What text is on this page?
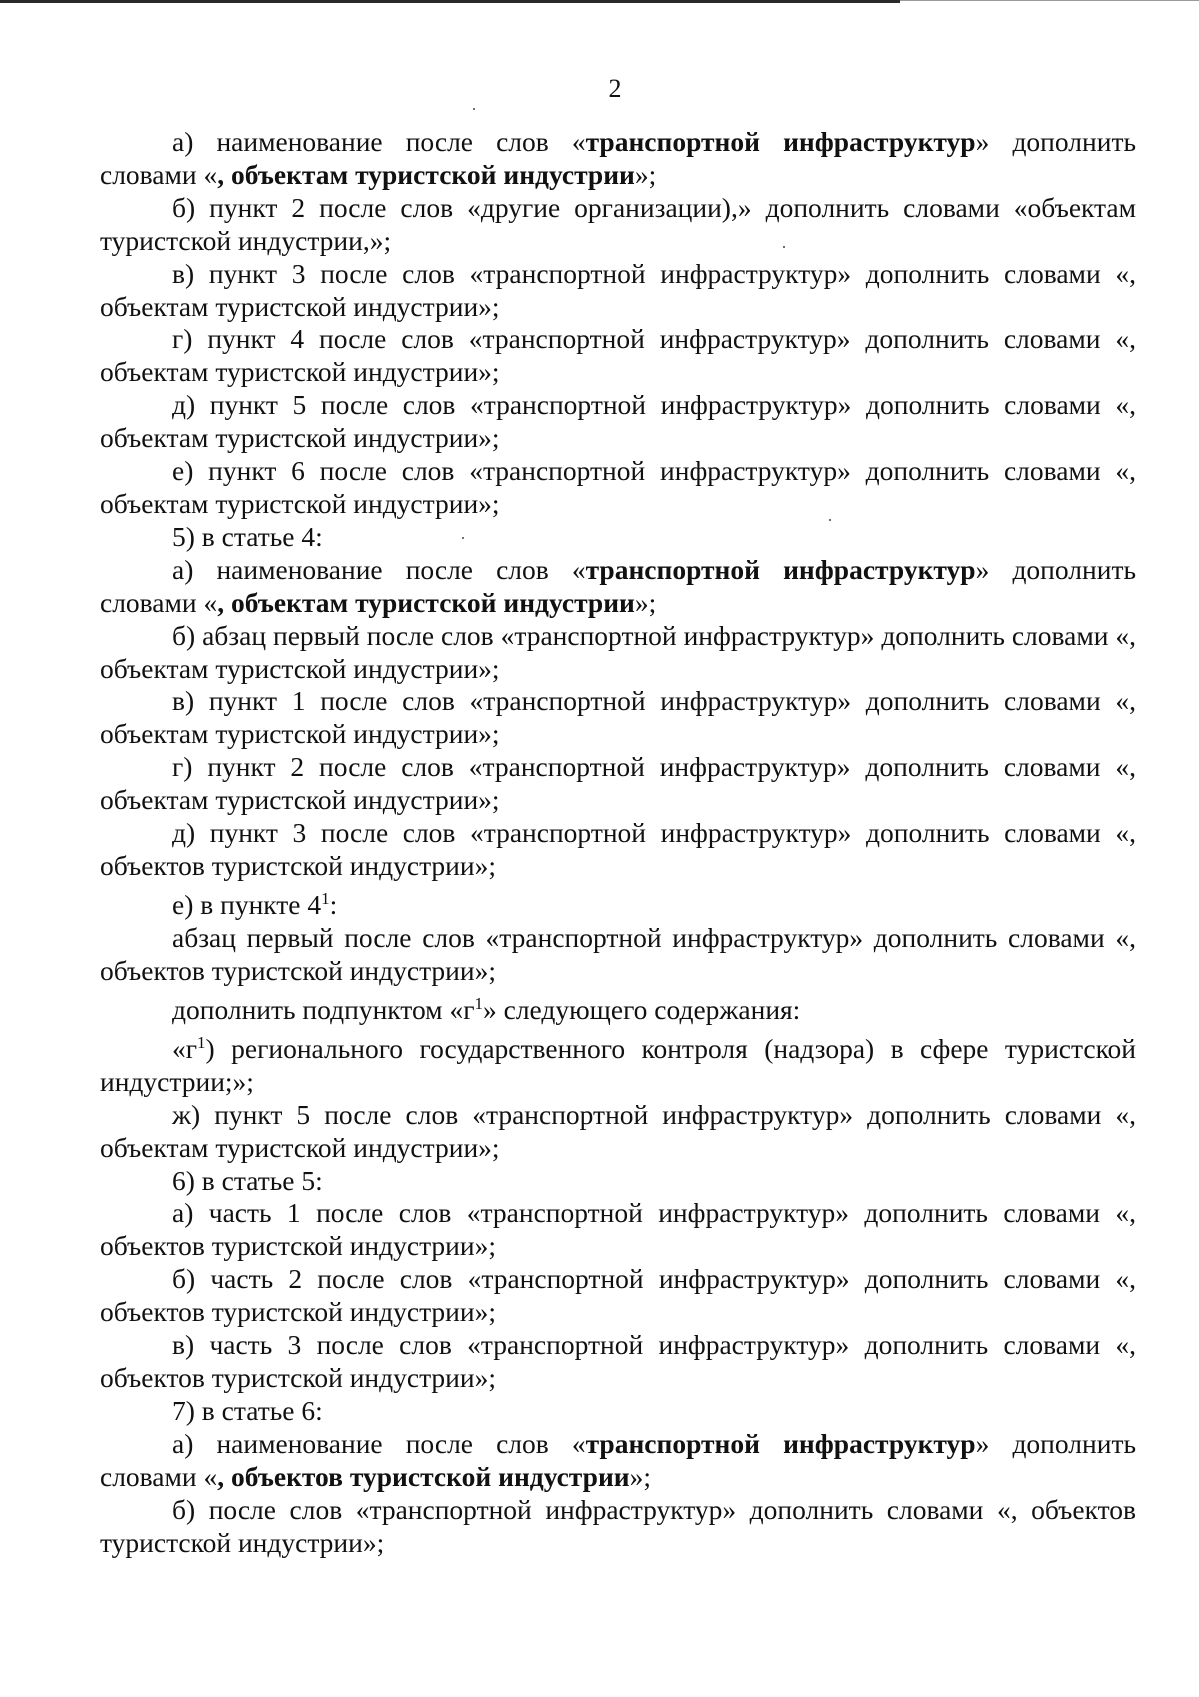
2

а) наименование после слов «транспортной инфраструктур» дополнить словами «, объектам туристской индустрии»;

б) пункт 2 после слов «другие организации),» дополнить словами «объектам туристской индустрии,»;

в) пункт 3 после слов «транспортной инфраструктур» дополнить словами «, объектам туристской индустрии»;

г) пункт 4 после слов «транспортной инфраструктур» дополнить словами «, объектам туристской индустрии»;

д) пункт 5 после слов «транспортной инфраструктур» дополнить словами «, объектам туристской индустрии»;

е) пункт 6 после слов «транспортной инфраструктур» дополнить словами «, объектам туристской индустрии»;

5) в статье 4:

а) наименование после слов «транспортной инфраструктур» дополнить словами «, объектам туристской индустрии»;

б) абзац первый после слов «транспортной инфраструктур» дополнить словами «, объектам туристской индустрии»;

в) пункт 1 после слов «транспортной инфраструктур» дополнить словами «, объектам туристской индустрии»;

г) пункт 2 после слов «транспортной инфраструктур» дополнить словами «, объектам туристской индустрии»;

д) пункт 3 после слов «транспортной инфраструктур» дополнить словами «, объектов туристской индустрии»;

е) в пункте $4^1$:

абзац первый после слов «транспортной инфраструктур» дополнить словами «, объектов туристской индустрии»;

дополнить подпунктом «$г^1$» следующего содержания:

«$г^1$) регионального государственного контроля (надзора) в сфере туристской индустрии;»;

ж) пункт 5 после слов «транспортной инфраструктур» дополнить словами «, объектам туристской индустрии»;

6) в статье 5:

а) часть 1 после слов «транспортной инфраструктур» дополнить словами «, объектов туристской индустрии»;

б) часть 2 после слов «транспортной инфраструктур» дополнить словами «, объектов туристской индустрии»;

в) часть 3 после слов «транспортной инфраструктур» дополнить словами «, объектов туристской индустрии»;

7) в статье 6:

а) наименование после слов «транспортной инфраструктур» дополнить словами «, объектов туристской индустрии»;

б) после слов «транспортной инфраструктур» дополнить словами «, объектов туристской индустрии»;
